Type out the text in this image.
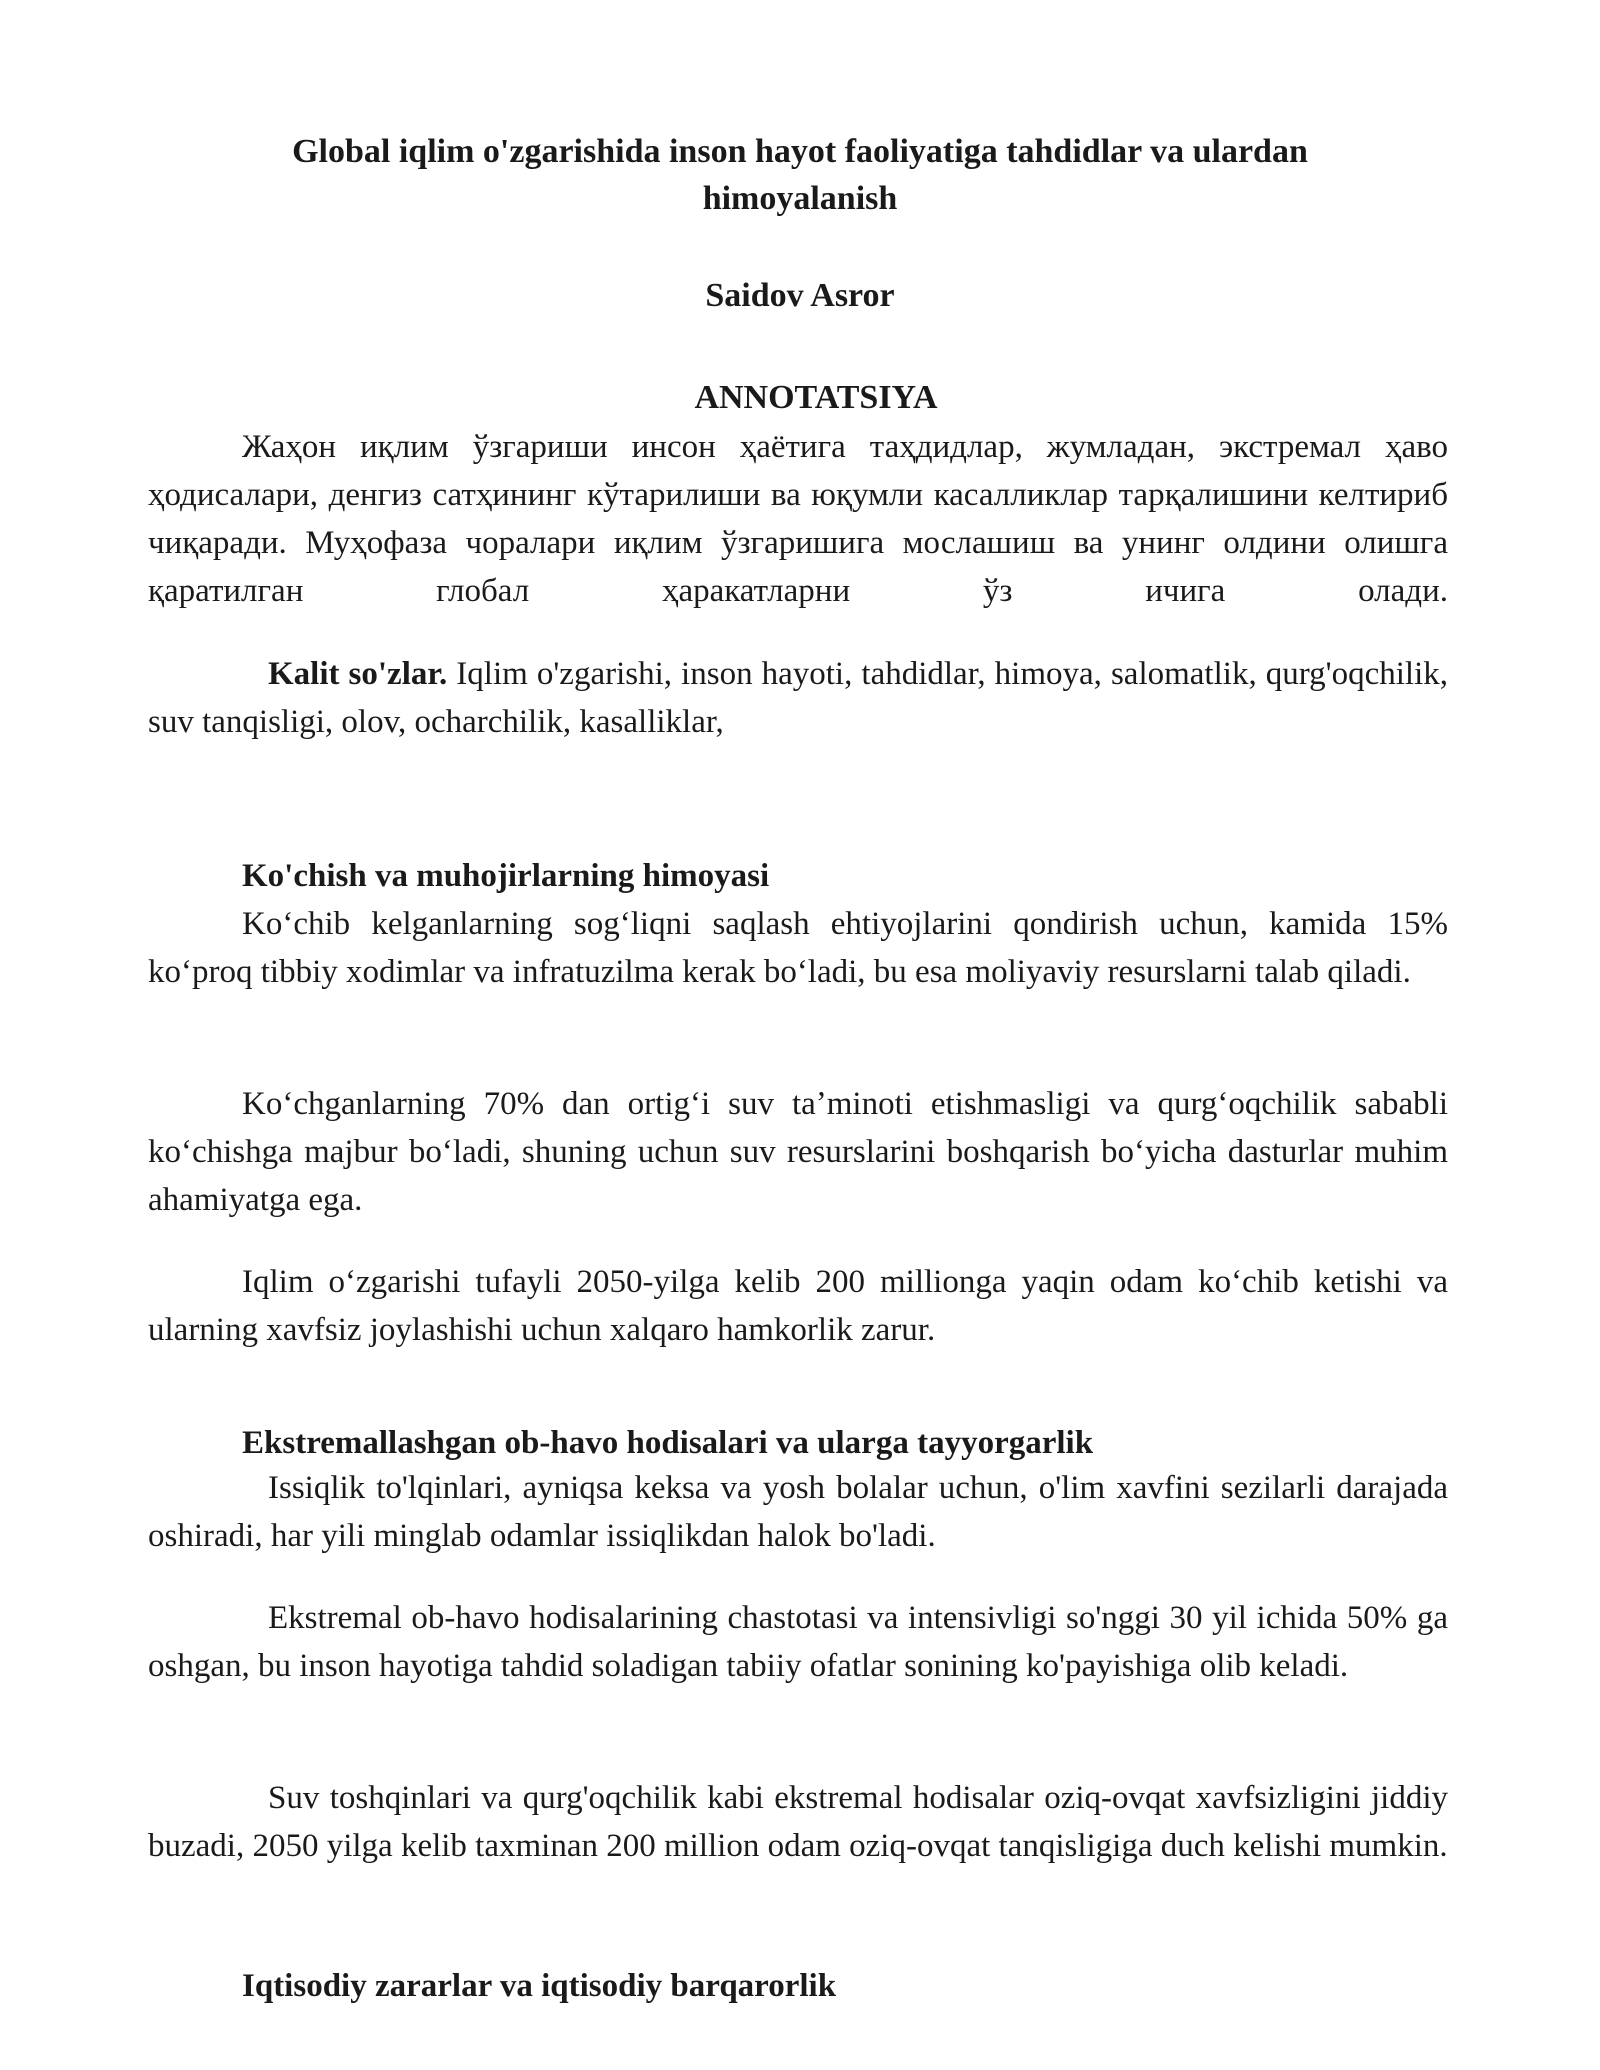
Global iqlim o'zgarishida inson hayot faoliyatiga tahdidlar va ulardan himoyalanish

Saidov Asror

ANNOTATSIYA

Жаҳон иқлим ўзгариши инсон ҳаётига таҳдидлар, жумладан, экстремал ҳаво ҳодисалари, денгиз сатҳининг кўтарилиши ва юқумли касалликлар тарқалишини келтириб чиқаради. Муҳофаза чоралари иқлим ўзгаришига мослашиш ва унинг олдини олишга қаратилган глобал ҳаракатларни ўз ичига олади.

Kalit so'zlar. Iqlim o'zgarishi, inson hayoti, tahdidlar, himoya, salomatlik, qurg'oqchilik, suv tanqisligi, olov, ocharchilik, kasalliklar,

Ko'chish va muhojirlarning himoyasi

Koʻchib kelganlarning sogʻliqni saqlash ehtiyojlarini qondirish uchun, kamida 15% koʻproq tibbiy xodimlar va infratuzilma kerak boʻladi, bu esa moliyaviy resurslarni talab qiladi.

Koʻchganlarning 70% dan ortigʻi suv taʼminoti etishmasligi va qurgʻoqchilik sababli koʻchishga majbur boʻladi, shuning uchun suv resurslarini boshqarish boʻyicha dasturlar muhim ahamiyatga ega.

Iqlim oʻzgarishi tufayli 2050-yilga kelib 200 millionga yaqin odam koʻchib ketishi va ularning xavfsiz joylashishi uchun xalqaro hamkorlik zarur.

Ekstremallashgan ob-havo hodisalari va ularga tayyorgarlik

Issiqlik to'lqinlari, ayniqsa keksa va yosh bolalar uchun, o'lim xavfini sezilarli darajada oshiradi, har yili minglab odamlar issiqlikdan halok bo'ladi.

Ekstremal ob-havo hodisalarining chastotasi va intensivligi so'nggi 30 yil ichida 50% ga oshgan, bu inson hayotiga tahdid soladigan tabiiy ofatlar sonining ko'payishiga olib keladi.

Suv toshqinlari va qurg'oqchilik kabi ekstremal hodisalar oziq-ovqat xavfsizligini jiddiy buzadi, 2050 yilga kelib taxminan 200 million odam oziq-ovqat tanqisligiga duch kelishi mumkin.

Iqtisodiy zararlar va iqtisodiy barqarorlik
